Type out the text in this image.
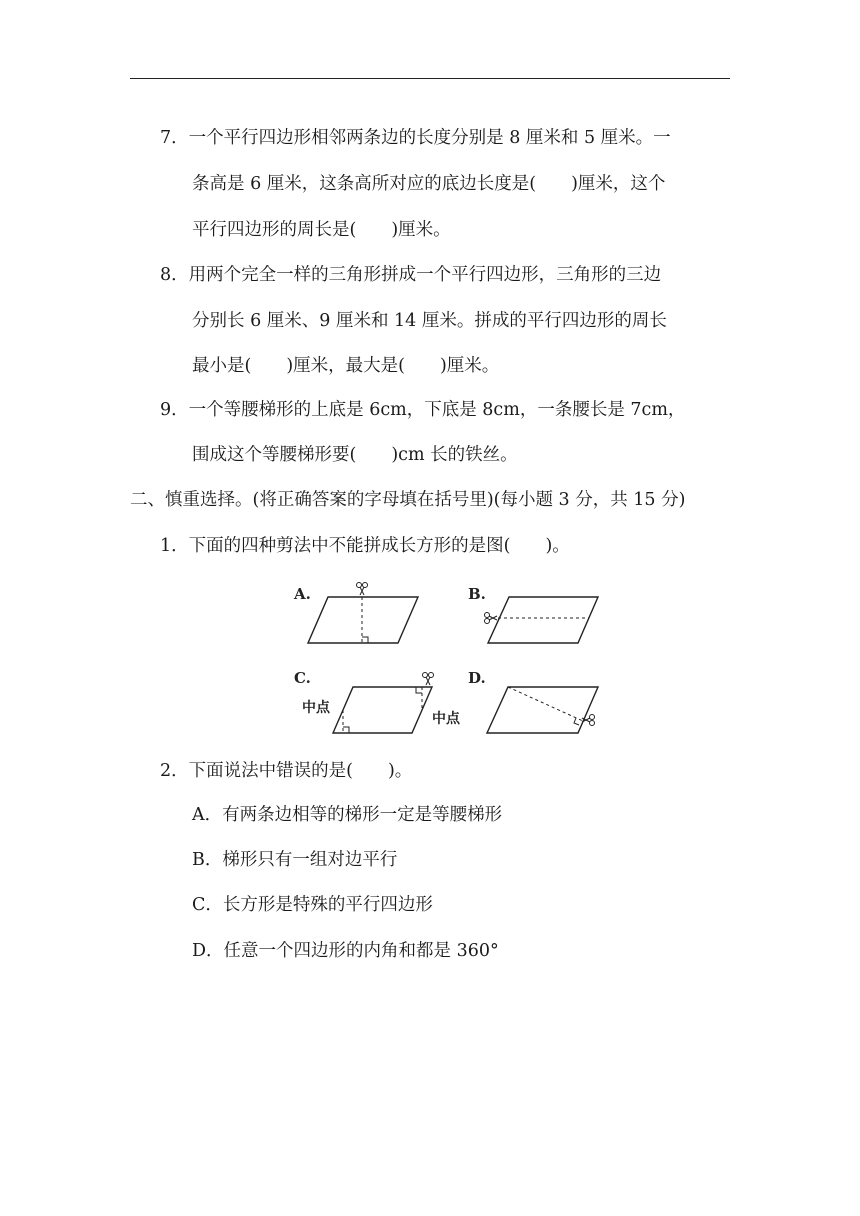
7．一个平行四边形相邻两条边的长度分别是 8 厘米和 5 厘米。一
条高是 6 厘米，这条高所对应的底边长度是(　　)厘米，这个
平行四边形的周长是(　　)厘米。
8．用两个完全一样的三角形拼成一个平行四边形，三角形的三边
分别长 6 厘米、9 厘米和 14 厘米。拼成的平行四边形的周长
最小是(　　)厘米，最大是(　　)厘米。
9．一个等腰梯形的上底是 6cm，下底是 8cm，一条腰长是 7cm，
围成这个等腰梯形要(　　)cm 长的铁丝。
二、慎重选择。(将正确答案的字母填在括号里)(每小题 3 分，共 15 分)
1．下面的四种剪法中不能拼成长方形的是图(　　)。
A.	B.
C.
中点
中点
D.
2．下面说法中错误的是(　　)。
A．有两条边相等的梯形一定是等腰梯形
B．梯形只有一组对边平行
C．长方形是特殊的平行四边形
D．任意一个四边形的内角和都是 360°
